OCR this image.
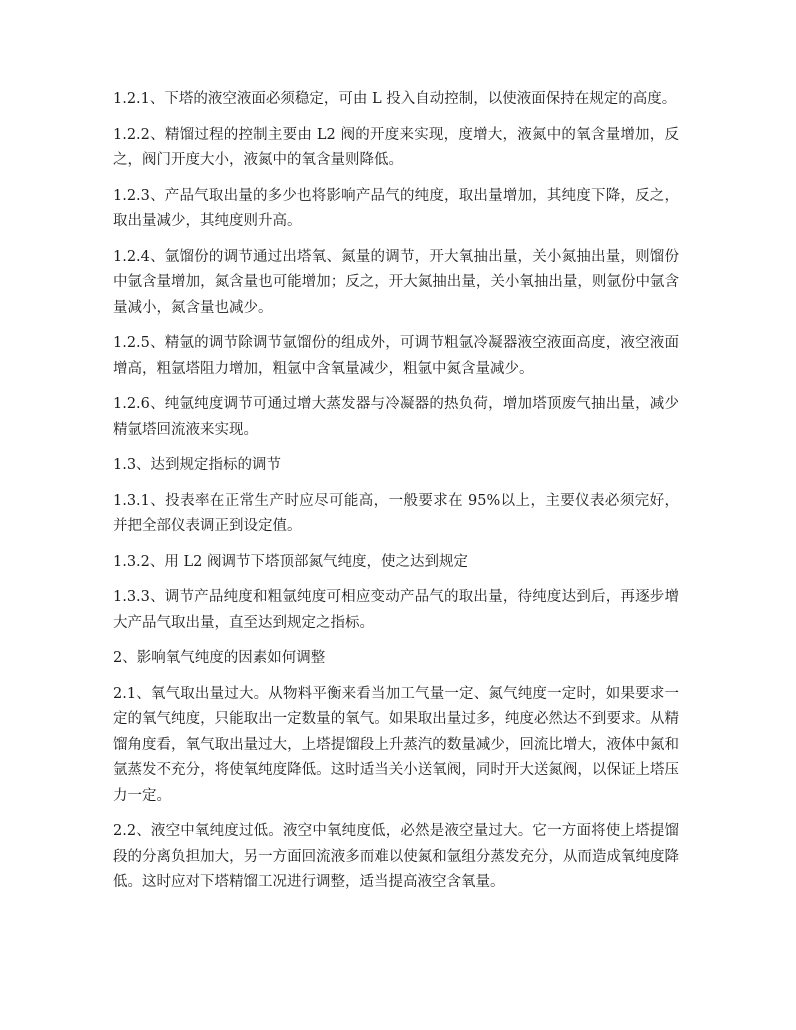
1.2.1、下塔的液空液面必须稳定，可由 L 投入自动控制，以使液面保持在规定的高度。

1.2.2、精馏过程的控制主要由 L2 阀的开度来实现，度增大，液氮中的氧含量增加，反之，阀门开度大小，液氮中的氧含量则降低。

1.2.3、产品气取出量的多少也将影响产品气的纯度，取出量增加，其纯度下降，反之，取出量减少，其纯度则升高。

1.2.4、氩馏份的调节通过出塔氧、氮量的调节，开大氧抽出量，关小氮抽出量，则馏份中氩含量增加，氮含量也可能增加；反之，开大氮抽出量，关小氧抽出量，则氩份中氩含量减小，氮含量也减少。

1.2.5、精氩的调节除调节氩馏份的组成外，可调节粗氩冷凝器液空液面高度，液空液面增高，粗氩塔阻力增加，粗氩中含氧量减少，粗氩中氮含量减少。

1.2.6、纯氩纯度调节可通过增大蒸发器与冷凝器的热负荷，增加塔顶废气抽出量，减少精氩塔回流液来实现。

1.3、达到规定指标的调节

1.3.1、投表率在正常生产时应尽可能高，一般要求在 95%以上，主要仪表必须完好，并把全部仪表调正到设定值。

1.3.2、用 L2 阀调节下塔顶部氮气纯度，使之达到规定

1.3.3、调节产品纯度和粗氩纯度可相应变动产品气的取出量，待纯度达到后，再逐步增大产品气取出量，直至达到规定之指标。

2、影响氧气纯度的因素如何调整

2.1、氧气取出量过大。从物料平衡来看当加工气量一定、氮气纯度一定时，如果要求一定的氧气纯度，只能取出一定数量的氧气。如果取出量过多，纯度必然达不到要求。从精馏角度看，氧气取出量过大，上塔提馏段上升蒸汽的数量减少，回流比增大，液体中氮和氩蒸发不充分，将使氧纯度降低。这时适当关小送氧阀，同时开大送氮阀，以保证上塔压力一定。

2.2、液空中氧纯度过低。液空中氧纯度低，必然是液空量过大。它一方面将使上塔提馏段的分离负担加大，另一方面回流液多而难以使氮和氩组分蒸发充分，从而造成氧纯度降低。这时应对下塔精馏工况进行调整，适当提高液空含氧量。
